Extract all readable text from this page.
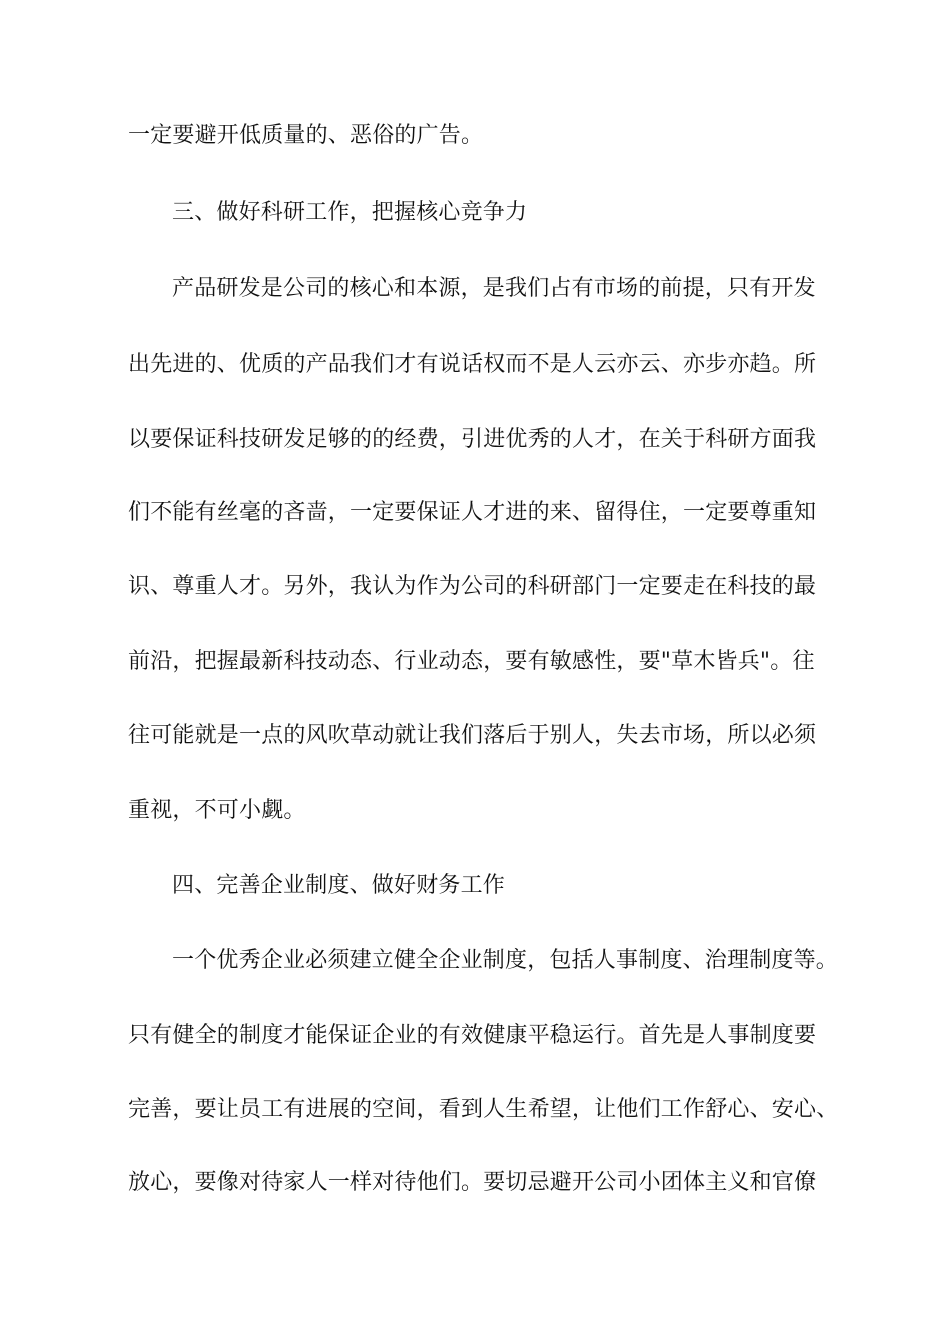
一定要避开低质量的、恶俗的广告。
三、做好科研工作，把握核心竞争力
产品研发是公司的核心和本源，是我们占有市场的前提，只有开发
出先进的、优质的产品我们才有说话权而不是人云亦云、亦步亦趋。所
以要保证科技研发足够的的经费，引进优秀的人才，在关于科研方面我
们不能有丝毫的吝啬，一定要保证人才进的来、留得住，一定要尊重知
识、尊重人才。另外，我认为作为公司的科研部门一定要走在科技的最
前沿，把握最新科技动态、行业动态，要有敏感性，要"草木皆兵"。往
往可能就是一点的风吹草动就让我们落后于别人，失去市场，所以必须
重视，不可小觑。
四、完善企业制度、做好财务工作
一个优秀企业必须建立健全企业制度，包括人事制度、治理制度等。
只有健全的制度才能保证企业的有效健康平稳运行。首先是人事制度要
完善，要让员工有进展的空间，看到人生希望，让他们工作舒心、安心、
放心，要像对待家人一样对待他们。要切忌避开公司小团体主义和官僚
